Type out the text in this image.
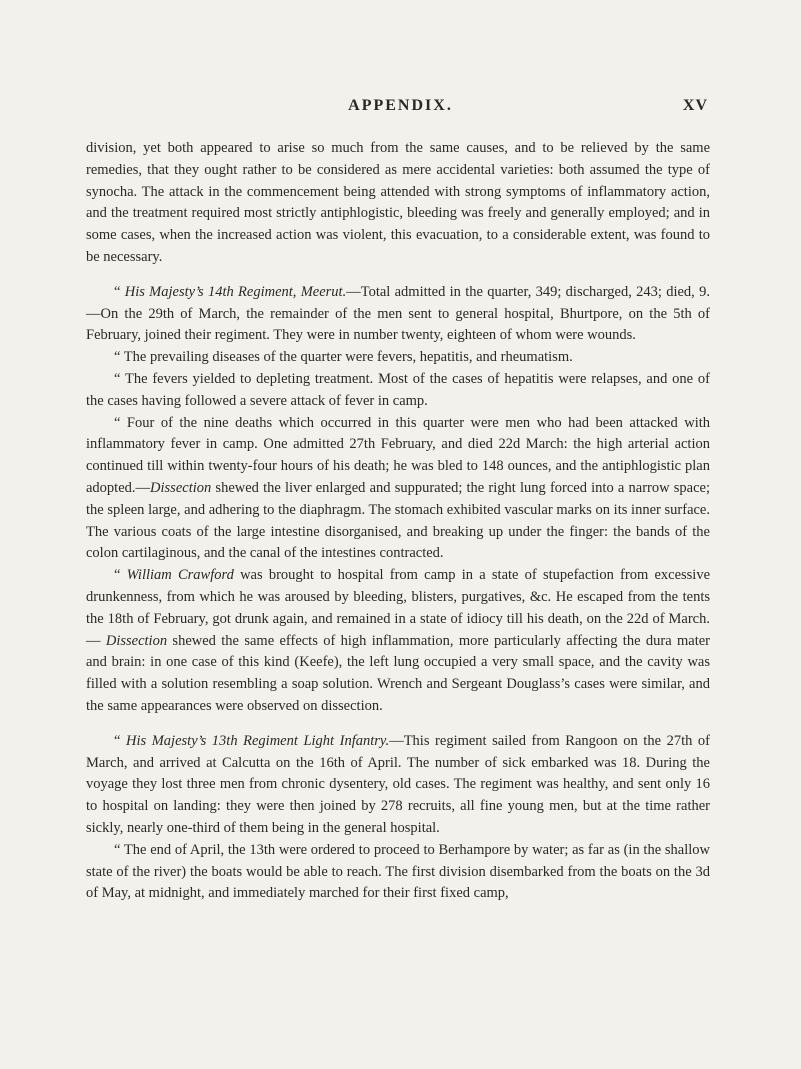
APPENDIX.	XV

division, yet both appeared to arise so much from the same causes, and to be relieved by the same remedies, that they ought rather to be considered as mere accidental varieties: both assumed the type of synocha. The attack in the commencement being attended with strong symptoms of inflammatory action, and the treatment required most strictly antiphlogistic, bleeding was freely and generally employed; and in some cases, when the increased action was violent, this evacuation, to a considerable extent, was found to be necessary.

“ His Majesty’s 14th Regiment, Meerut.—Total admitted in the quarter, 349; discharged, 243; died, 9.—On the 29th of March, the remainder of the men sent to general hospital, Bhurtpore, on the 5th of February, joined their regiment. They were in number twenty, eighteen of whom were wounds.

“ The prevailing diseases of the quarter were fevers, hepatitis, and rheumatism.

“ The fevers yielded to depleting treatment. Most of the cases of hepatitis were relapses, and one of the cases having followed a severe attack of fever in camp.

“ Four of the nine deaths which occurred in this quarter were men who had been attacked with inflammatory fever in camp. One admitted 27th February, and died 22d March: the high arterial action continued till within twenty-four hours of his death; he was bled to 148 ounces, and the antiphlogistic plan adopted.—Dissection shewed the liver enlarged and suppurated; the right lung forced into a narrow space; the spleen large, and adhering to the diaphragm. The stomach exhibited vascular marks on its inner surface. The various coats of the large intestine disorganised, and breaking up under the finger: the bands of the colon cartilaginous, and the canal of the intestines contracted.

“ William Crawford was brought to hospital from camp in a state of stupefaction from excessive drunkenness, from which he was aroused by bleeding, blisters, purgatives, &c. He escaped from the tents the 18th of February, got drunk again, and remained in a state of idiocy till his death, on the 22d of March.— Dissection shewed the same effects of high inflammation, more particularly affecting the dura mater and brain: in one case of this kind (Keefe), the left lung occupied a very small space, and the cavity was filled with a solution resembling a soap solution. Wrench and Sergeant Douglass’s cases were similar, and the same appearances were observed on dissection.

“ His Majesty’s 13th Regiment Light Infantry.—This regiment sailed from Rangoon on the 27th of March, and arrived at Calcutta on the 16th of April. The number of sick embarked was 18. During the voyage they lost three men from chronic dysentery, old cases. The regiment was healthy, and sent only 16 to hospital on landing: they were then joined by 278 recruits, all fine young men, but at the time rather sickly, nearly one-third of them being in the general hospital.

“ The end of April, the 13th were ordered to proceed to Berhampore by water; as far as (in the shallow state of the river) the boats would be able to reach. The first division disembarked from the boats on the 3d of May, at midnight, and immediately marched for their first fixed camp,
